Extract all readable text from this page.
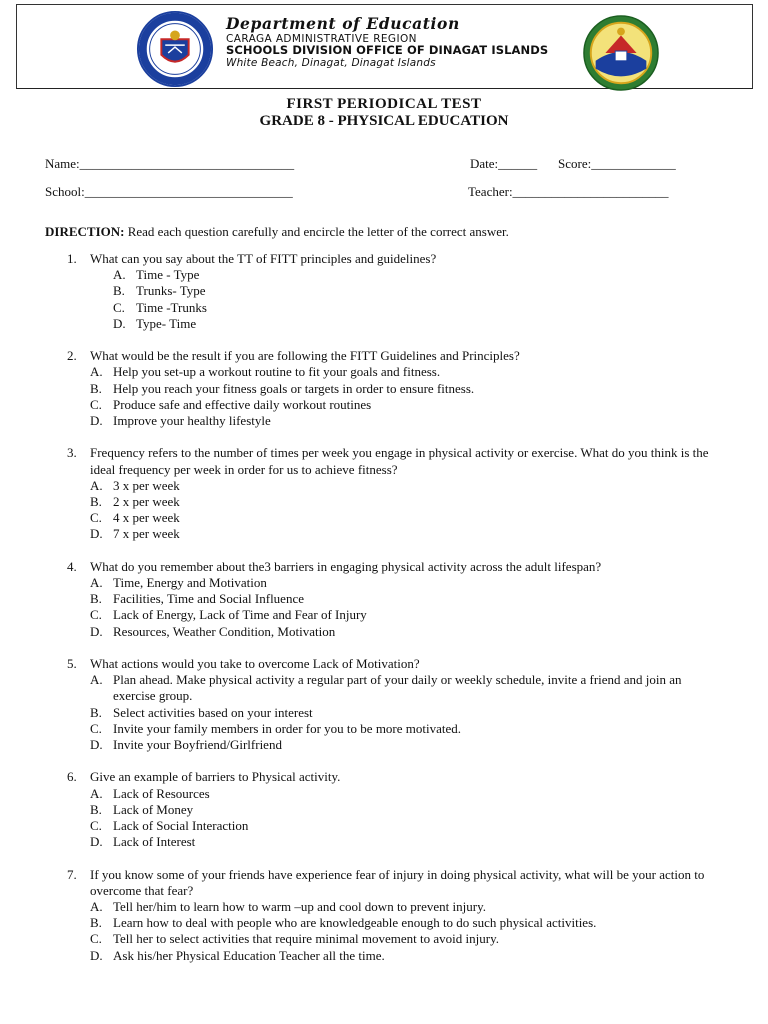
Department of Education
CARAGA ADMINISTRATIVE REGION
SCHOOLS DIVISION OFFICE OF DINAGAT ISLANDS
White Beach, Dinagat, Dinagat Islands
FIRST PERIODICAL TEST
GRADE 8 - PHYSICAL EDUCATION
Name:_________________________________	Date:______ Score:_____________
School:________________________________	Teacher:________________________
DIRECTION: Read each question carefully and encircle the letter of the correct answer.
1. What can you say about the TT of FITT principles and guidelines?
A. Time - Type
B. Trunks- Type
C. Time -Trunks
D. Type- Time
2. What would be the result if you are following the FITT Guidelines and Principles?
A. Help you set-up a workout routine to fit your goals and fitness.
B. Help you reach your fitness goals or targets in order to ensure fitness.
C. Produce safe and effective daily workout routines
D. Improve your healthy lifestyle
3. Frequency refers to the number of times per week you engage in physical activity or exercise. What do you think is the ideal frequency per week in order for us to achieve fitness?
A. 3 x per week
B. 2 x per week
C. 4 x per week
D. 7 x per week
4. What do you remember about the3 barriers in engaging physical activity across the adult lifespan?
A. Time, Energy and Motivation
B. Facilities, Time and Social Influence
C. Lack of Energy, Lack of Time and Fear of Injury
D. Resources, Weather Condition, Motivation
5. What actions would you take to overcome Lack of Motivation?
A. Plan ahead. Make physical activity a regular part of your daily or weekly schedule, invite a friend and join an exercise group.
B. Select activities based on your interest
C. Invite your family members in order for you to be more motivated.
D. Invite your Boyfriend/Girlfriend
6. Give an example of barriers to Physical activity.
A. Lack of Resources
B. Lack of Money
C. Lack of Social Interaction
D. Lack of Interest
7. If you know some of your friends have experience fear of injury in doing physical activity, what will be your action to overcome that fear?
A. Tell her/him to learn how to warm –up and cool down to prevent injury.
B. Learn how to deal with people who are knowledgeable enough to do such physical activities.
C. Tell her to select activities that require minimal movement to avoid injury.
D. Ask his/her Physical Education Teacher all the time.
